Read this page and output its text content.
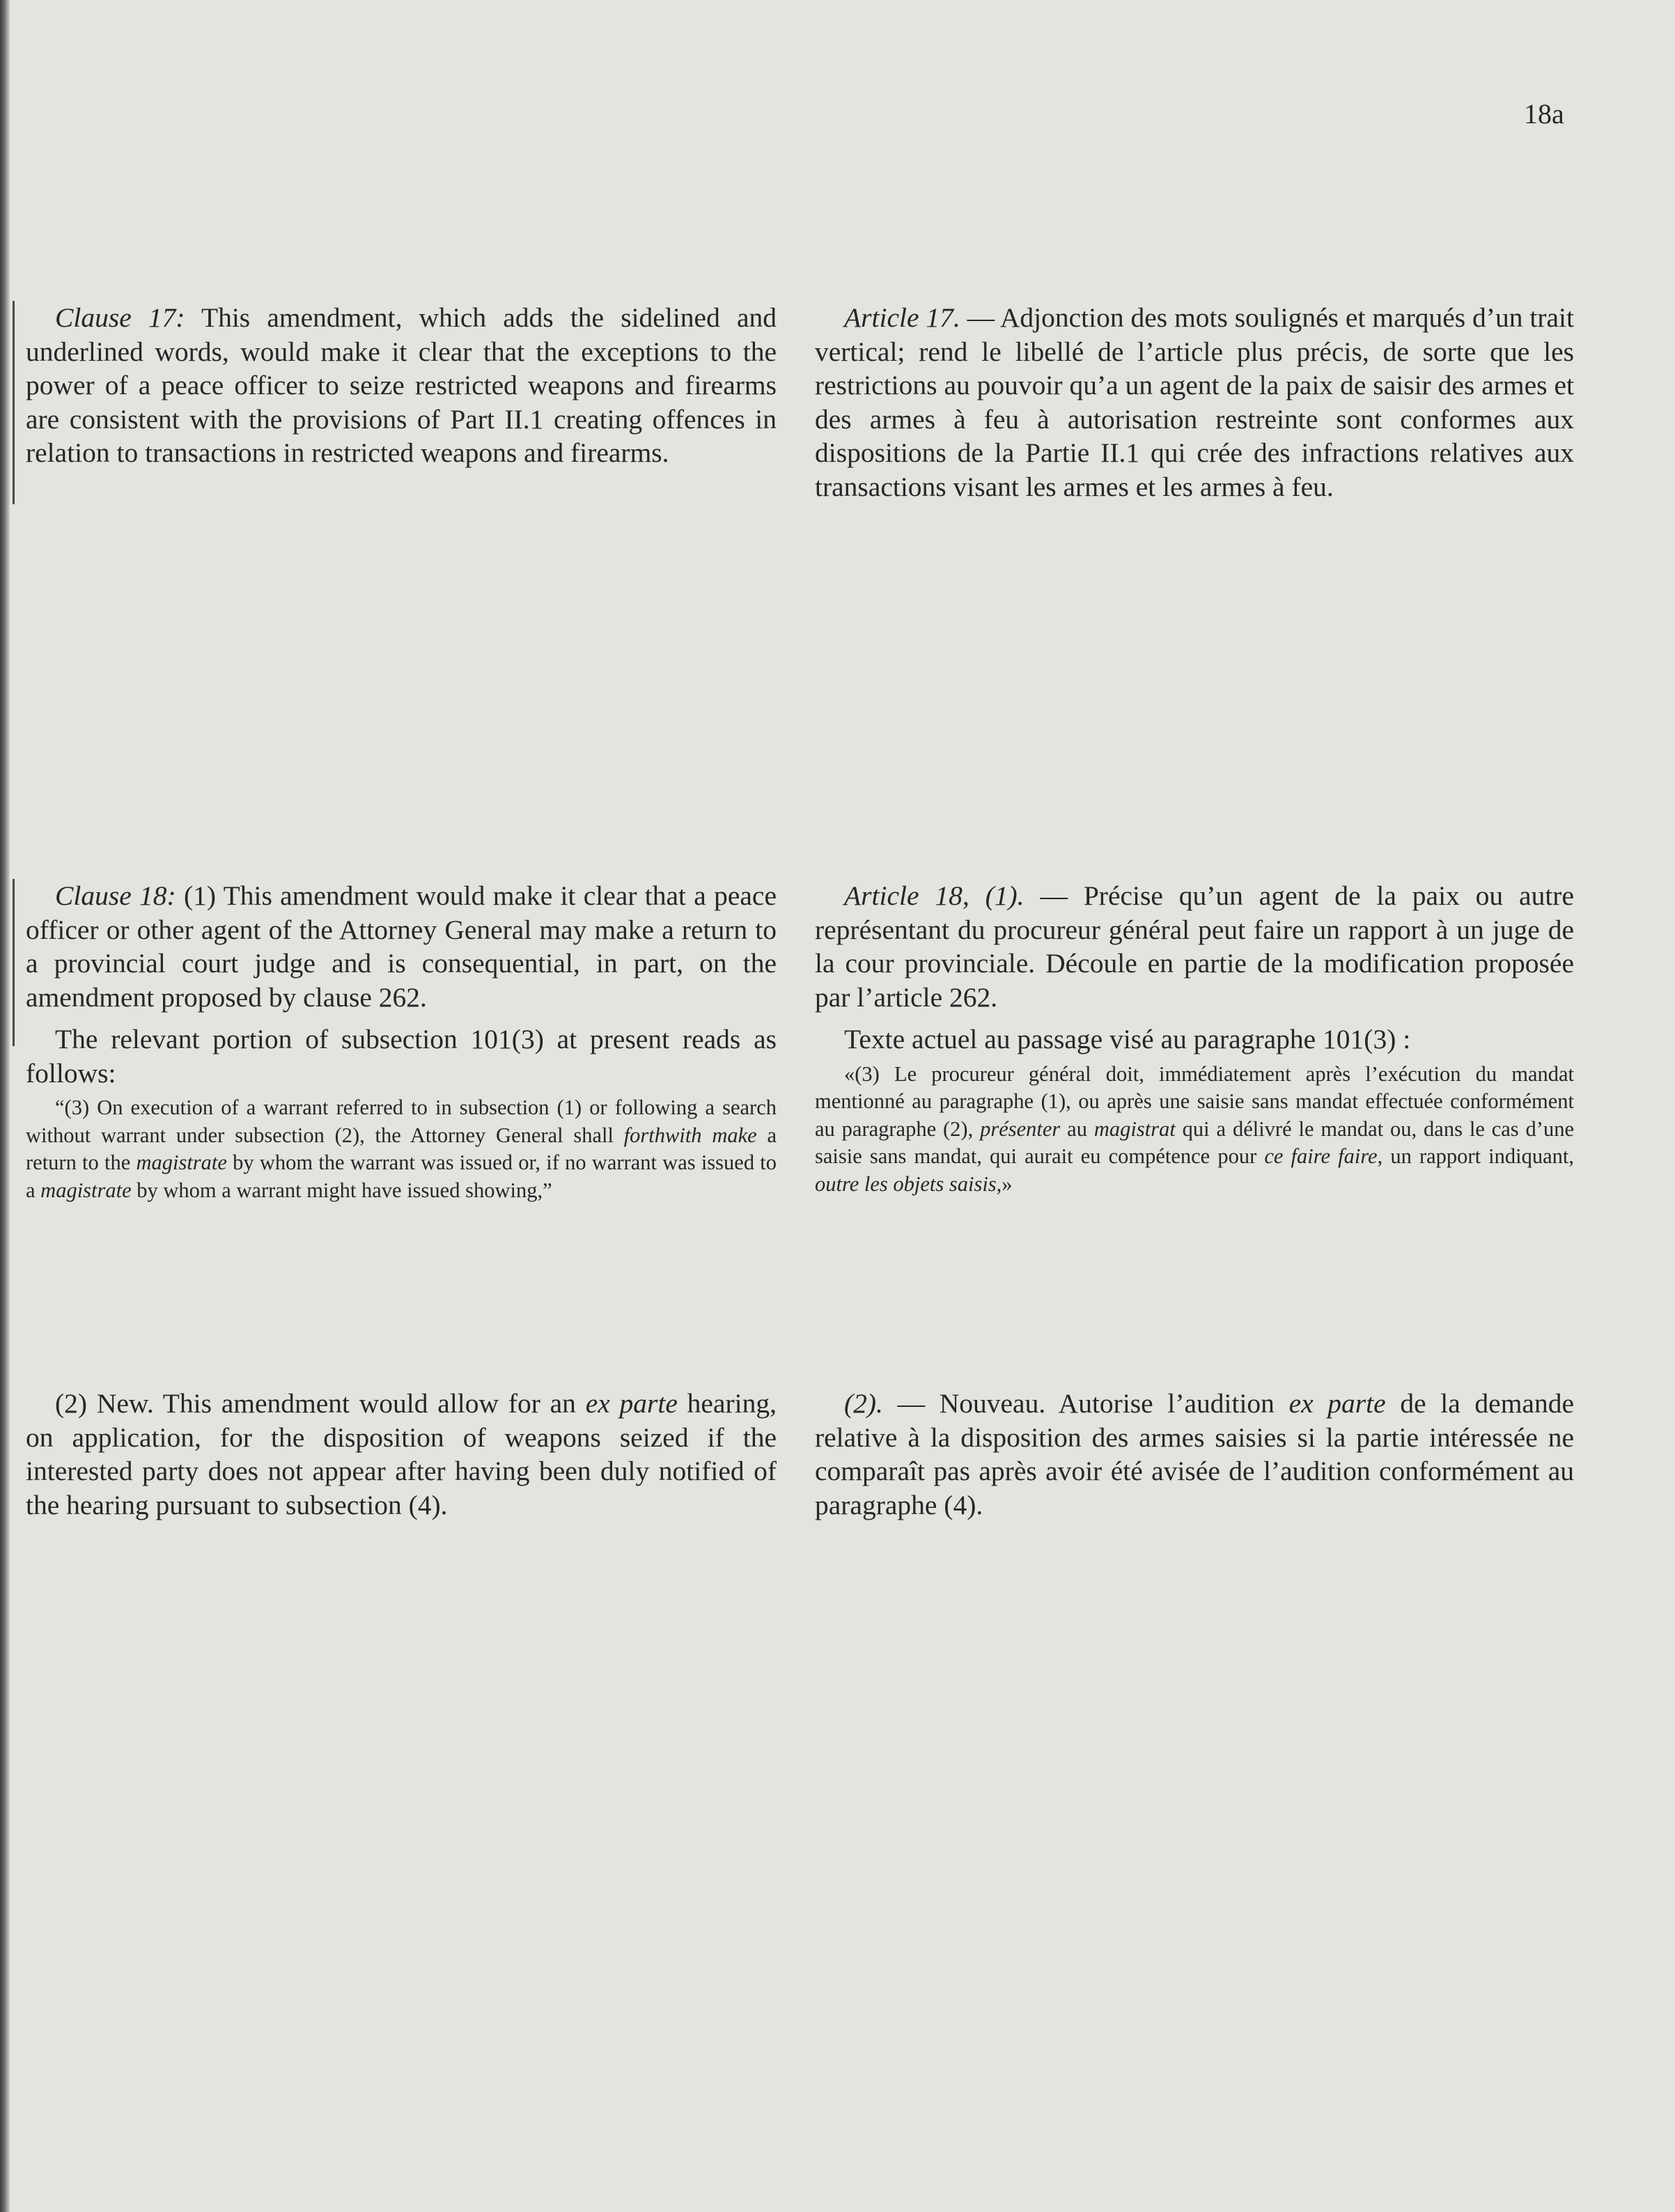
18a

Clause 17: This amendment, which adds the sidelined and underlined words, would make it clear that the exceptions to the power of a peace officer to seize restricted weapons and firearms are consistent with the provisions of Part II.1 creating offences in relation to transactions in restricted weapons and firearms.

Clause 18: (1) This amendment would make it clear that a peace officer or other agent of the Attorney General may make a return to a provincial court judge and is consequential, in part, on the amendment proposed by clause 262.

The relevant portion of subsection 101(3) at present reads as follows:

“(3) On execution of a warrant referred to in subsection (1) or following a search without warrant under subsection (2), the Attorney General shall forthwith make a return to the magistrate by whom the warrant was issued or, if no warrant was issued to a magistrate by whom a warrant might have issued showing,”

(2) New. This amendment would allow for an ex parte hearing, on application, for the disposition of weapons seized if the interested party does not appear after having been duly notified of the hearing pursuant to subsection (4).

Article 17. — Adjonction des mots soulignés et marqués d’un trait vertical; rend le libellé de l’article plus précis, de sorte que les restrictions au pouvoir qu’a un agent de la paix de saisir des armes et des armes à feu à autorisation restreinte sont conformes aux dispositions de la Partie II.1 qui crée des infractions relatives aux transactions visant les armes et les armes à feu.

Article 18, (1). — Précise qu’un agent de la paix ou autre représentant du procureur général peut faire un rapport à un juge de la cour provinciale. Découle en partie de la modification proposée par l’article 262.

Texte actuel au passage visé au paragraphe 101(3) :

«(3) Le procureur général doit, immédiatement après l’exécution du mandat mentionné au paragraphe (1), ou après une saisie sans mandat effectuée conformément au paragraphe (2), présenter au magistrat qui a délivré le mandat ou, dans le cas d’une saisie sans mandat, qui aurait eu compétence pour ce faire faire, un rapport indiquant, outre les objets saisis,»

(2). — Nouveau. Autorise l’audition ex parte de la demande relative à la disposition des armes saisies si la partie intéressée ne comparaît pas après avoir été avisée de l’audition conformément au paragraphe (4).
